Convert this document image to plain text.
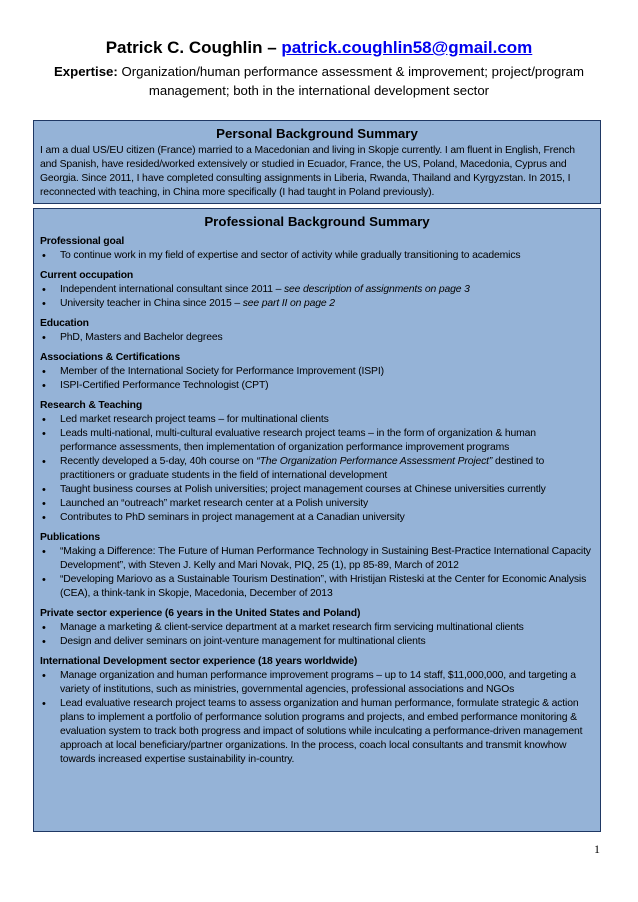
Patrick C. Coughlin – patrick.coughlin58@gmail.com
Expertise: Organization/human performance assessment & improvement; project/program management; both in the international development sector
Personal Background Summary
I am a dual US/EU citizen (France) married to a Macedonian and living in Skopje currently. I am fluent in English, French and Spanish, have resided/worked extensively or studied in Ecuador, France, the US, Poland, Macedonia, Cyprus and Georgia. Since 2011, I have completed consulting assignments in Liberia, Rwanda, Thailand and Kyrgyzstan. In 2015, I reconnected with teaching, in China more specifically (I had taught in Poland previously).
Professional Background Summary
Professional goal
• To continue work in my field of expertise and sector of activity while gradually transitioning to academics
Current occupation
• Independent international consultant since 2011 – see description of assignments on page 3
• University teacher in China since 2015 – see part II on page 2
Education
• PhD, Masters and Bachelor degrees
Associations & Certifications
• Member of the International Society for Performance Improvement (ISPI)
• ISPI-Certified Performance Technologist (CPT)
Research & Teaching
• Led market research project teams – for multinational clients
• Leads multi-national, multi-cultural evaluative research project teams – in the form of organization & human performance assessments, then implementation of organization performance improvement programs
• Recently developed a 5-day, 40h course on “The Organization Performance Assessment Project” destined to practitioners or graduate students in the field of international development
• Taught business courses at Polish universities; project management courses at Chinese universities currently
• Launched an “outreach” market research center at a Polish university
• Contributes to PhD seminars in project management at a Canadian university
Publications
• “Making a Difference: The Future of Human Performance Technology in Sustaining Best-Practice International Capacity Development”, with Steven J. Kelly and Mari Novak, PIQ, 25 (1), pp 85-89, March of 2012
• “Developing Mariovo as a Sustainable Tourism Destination”, with Hristijan Risteski at the Center for Economic Analysis (CEA), a think-tank in Skopje, Macedonia, December of 2013
Private sector experience (6 years in the United States and Poland)
• Manage a marketing & client-service department at a market research firm servicing multinational clients
• Design and deliver seminars on joint-venture management for multinational clients
International Development sector experience (18 years worldwide)
• Manage organization and human performance improvement programs – up to 14 staff, $11,000,000, and targeting a variety of institutions, such as ministries, governmental agencies, professional associations and NGOs
• Lead evaluative research project teams to assess organization and human performance, formulate strategic & action plans to implement a portfolio of performance solution programs and projects, and embed performance monitoring & evaluation system to track both progress and impact of solutions while inculcating a performance-driven management approach at local beneficiary/partner organizations. In the process, coach local consultants and transmit knowhow towards increased expertise sustainability in-country.
1
